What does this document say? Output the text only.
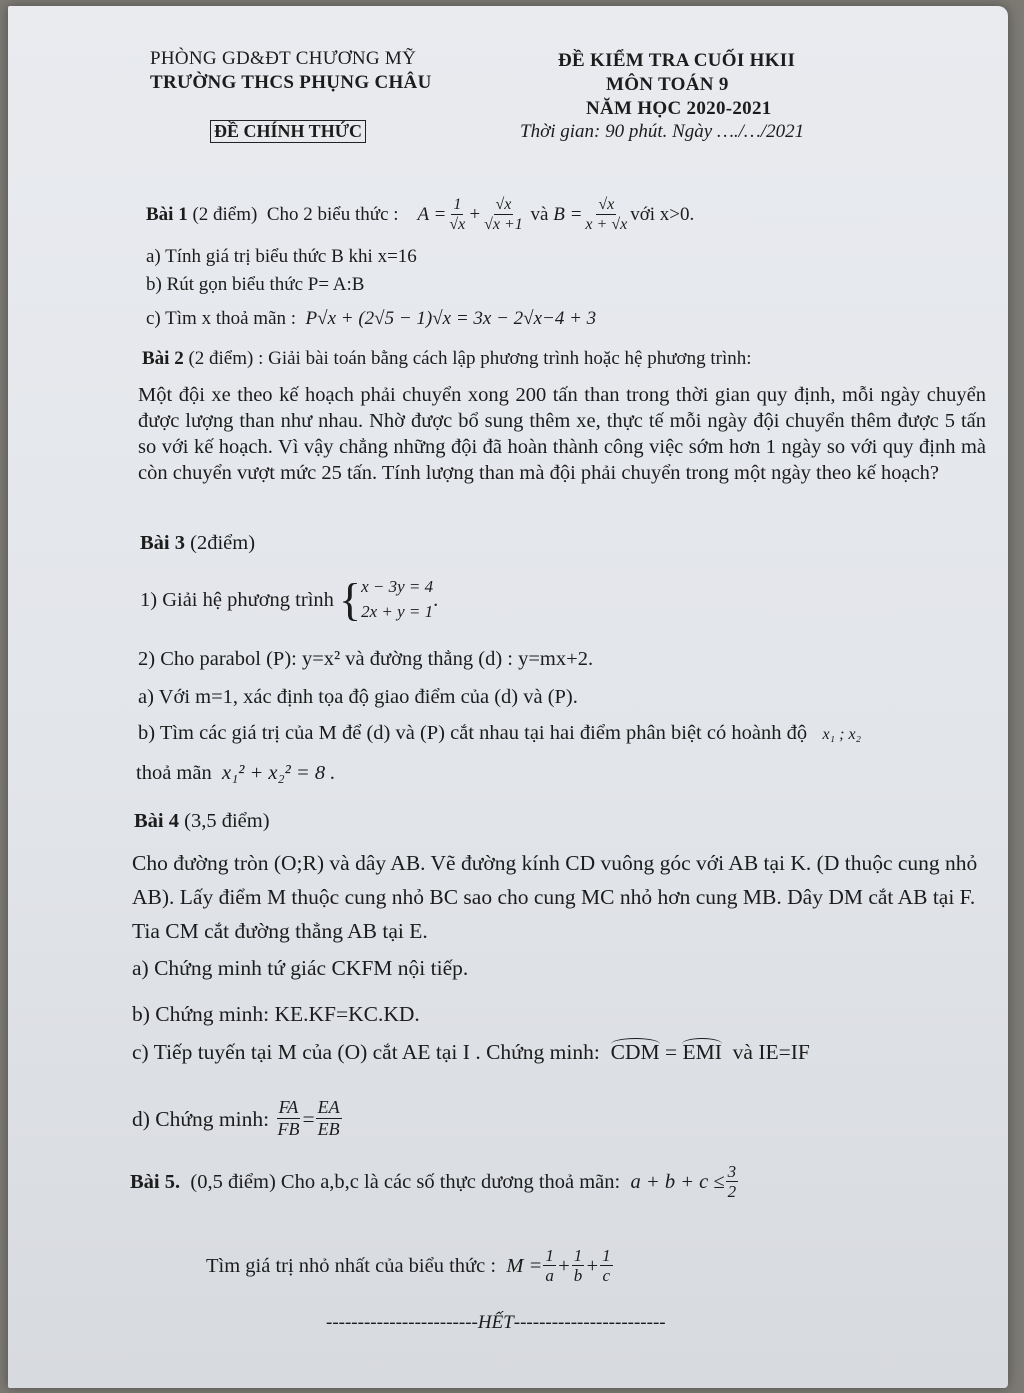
PHÒNG GD&ĐT CHƯƠNG MỸ
TRƯỜNG THCS PHỤNG CHÂU
ĐỀ CHÍNH THỨC
ĐỀ KIỂM TRA CUỐI HKII
MÔN TOÁN 9
NĂM HỌC 2020-2021
Thời gian: 90 phút. Ngày …./…/2021
Bài 1
(2 điểm)
Cho 2 biểu thức :
$A = \frac{1}{√x} + \frac{√x}{√x +1}$
và
$B = \frac{√x}{x + √x}$ với x>0.
a) Tính giá trị biểu thức B khi x=16
b) Rút gọn biểu thức P= A:B
c) Tìm x thoả mãn : P√x + (2√5 − 1)√x = 3x − 2√x−4 + 3
Bài 2 (2 điểm) : Giải bài toán bằng cách lập phương trình hoặc hệ phương trình:
Một đội xe theo kế hoạch phải chuyển xong 200 tấn than trong thời gian quy định, mỗi ngày chuyển được lượng than như nhau. Nhờ được bổ sung thêm xe, thực tế mỗi ngày đội chuyển thêm được 5 tấn so với kế hoạch. Vì vậy chẳng những đội đã hoàn thành công việc sớm hơn 1 ngày so với quy định mà còn chuyển vượt mức 25 tấn. Tính lượng than mà đội phải chuyển trong một ngày theo kế hoạch?
Bài 3 (2điểm)
1) Giải hệ phương trình
{ x − 3y = 4
2x + y = 1
.
2) Cho parabol (P): y=x² và đường thẳng (d) : y=mx+2.
a) Với m=1, xác định tọa độ giao điểm của (d) và (P).
b) Tìm các giá trị của M để (d) và (P) cắt nhau tại hai điểm phân biệt có hoành độ x₁ ; x₂
thoả mãn x₁² + x₂² = 8 .
Bài 4 (3,5 điểm)
Cho đường tròn (O;R) và dây AB. Vẽ đường kính CD vuông góc với AB tại K. (D thuộc cung nhỏ AB). Lấy điểm M thuộc cung nhỏ BC sao cho cung MC nhỏ hơn cung MB. Dây DM cắt AB tại F. Tia CM cắt đường thẳng AB tại E.
a) Chứng minh tứ giác CKFM nội tiếp.
b) Chứng minh: KE.KF=KC.KD.
c) Tiếp tuyến tại M của (O) cắt AE tại I . Chứng minh: CDM = EMI và IE=IF
d) Chứng minh:
$\frac{FA}{FB} = \frac{EA}{EB}$
Bài 5.
(0,5 điểm) Cho a,b,c là các số thực dương thoả mãn:
$a + b + c \le \frac{3}{2}$
Tìm giá trị nhỏ nhất của biểu thức :
$M = \frac{1}{a} + \frac{1}{b} + \frac{1}{c}$
------------------------HẾT------------------------
